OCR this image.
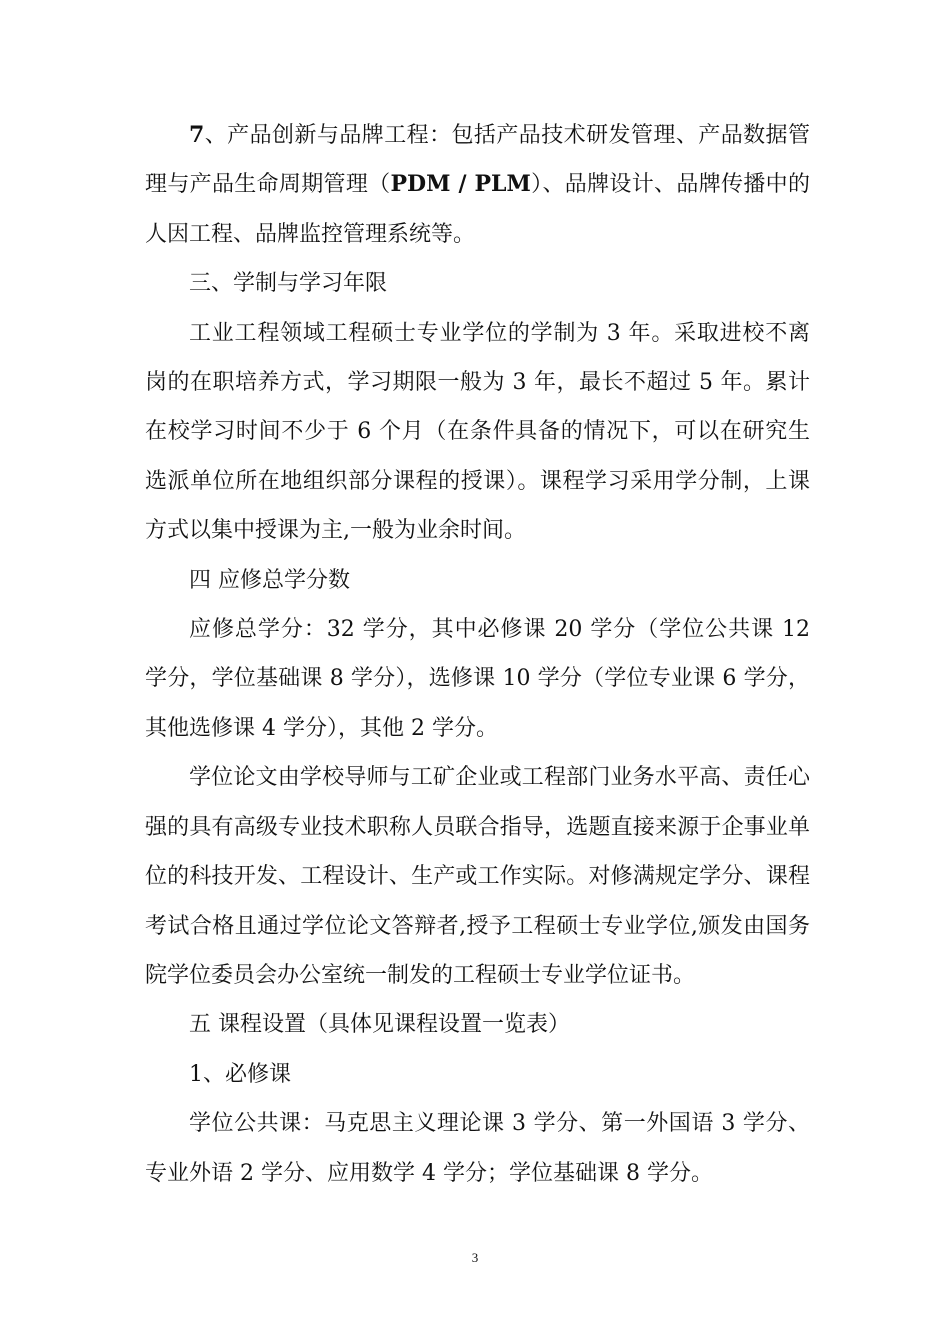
7、产品创新与品牌工程：包括产品技术研发管理、产品数据管理与产品生命周期管理（PDM / PLM）、品牌设计、品牌传播中的人因工程、品牌监控管理系统等。

三、学制与学习年限

工业工程领域工程硕士专业学位的学制为 3 年。采取进校不离岗的在职培养方式，学习期限一般为 3 年，最长不超过 5 年。累计在校学习时间不少于 6 个月（在条件具备的情况下，可以在研究生选派单位所在地组织部分课程的授课）。课程学习采用学分制，上课方式以集中授课为主,一般为业余时间。

四 应修总学分数

应修总学分：32 学分，其中必修课 20 学分（学位公共课 12 学分，学位基础课 8 学分），选修课 10 学分（学位专业课 6 学分，其他选修课 4 学分），其他 2 学分。

学位论文由学校导师与工矿企业或工程部门业务水平高、责任心强的具有高级专业技术职称人员联合指导，选题直接来源于企事业单位的科技开发、工程设计、生产或工作实际。对修满规定学分、课程考试合格且通过学位论文答辩者,授予工程硕士专业学位,颁发由国务院学位委员会办公室统一制发的工程硕士专业学位证书。

五 课程设置（具体见课程设置一览表）

1、必修课

学位公共课：马克思主义理论课 3 学分、第一外国语 3 学分、专业外语 2 学分、应用数学 4 学分；学位基础课 8 学分。

3
